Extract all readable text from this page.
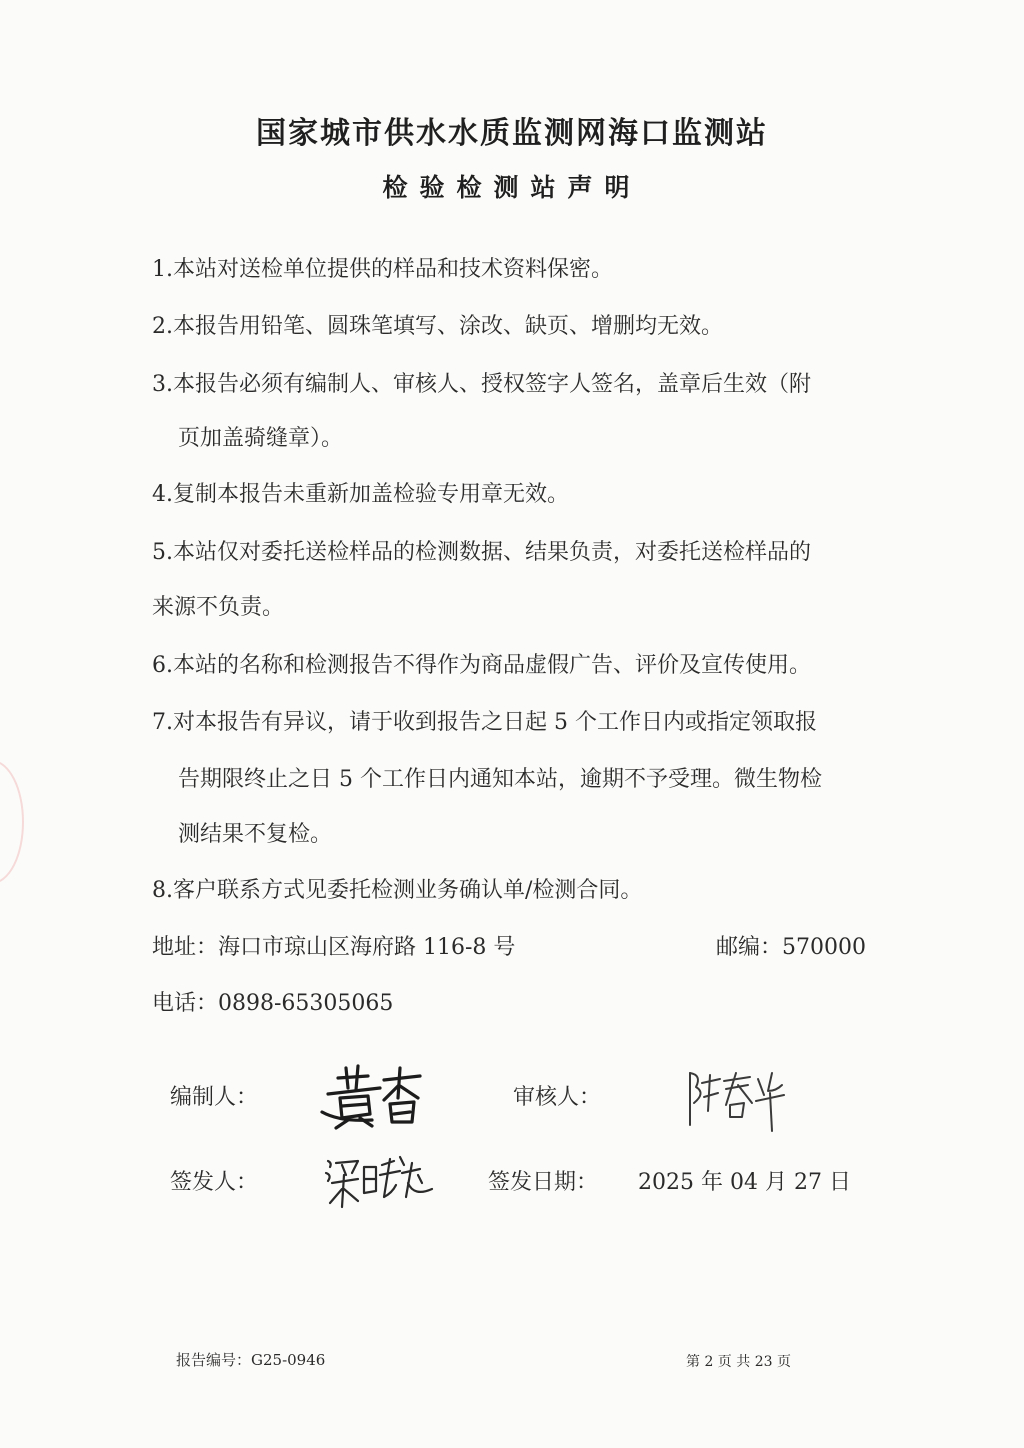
国家城市供水水质监测网海口监测站
检验检测站声明
1.本站对送检单位提供的样品和技术资料保密。
2.本报告用铅笔、圆珠笔填写、涂改、缺页、增删均无效。
3.本报告必须有编制人、审核人、授权签字人签名，盖章后生效（附
页加盖骑缝章）。
4.复制本报告未重新加盖检验专用章无效。
5.本站仅对委托送检样品的检测数据、结果负责，对委托送检样品的
来源不负责。
6.本站的名称和检测报告不得作为商品虚假广告、评价及宣传使用。
7.对本报告有异议，请于收到报告之日起 5 个工作日内或指定领取报
告期限终止之日 5 个工作日内通知本站，逾期不予受理。微生物检
测结果不复检。
8.客户联系方式见委托检测业务确认单/检测合同。
地址：海口市琼山区海府路 116-8 号	邮编：570000
电话：0898-65305065
编制人：	审核人：
签发人：	签发日期： 2025 年 04 月 27 日
报告编号：G25-0946	第 2 页 共 23 页
